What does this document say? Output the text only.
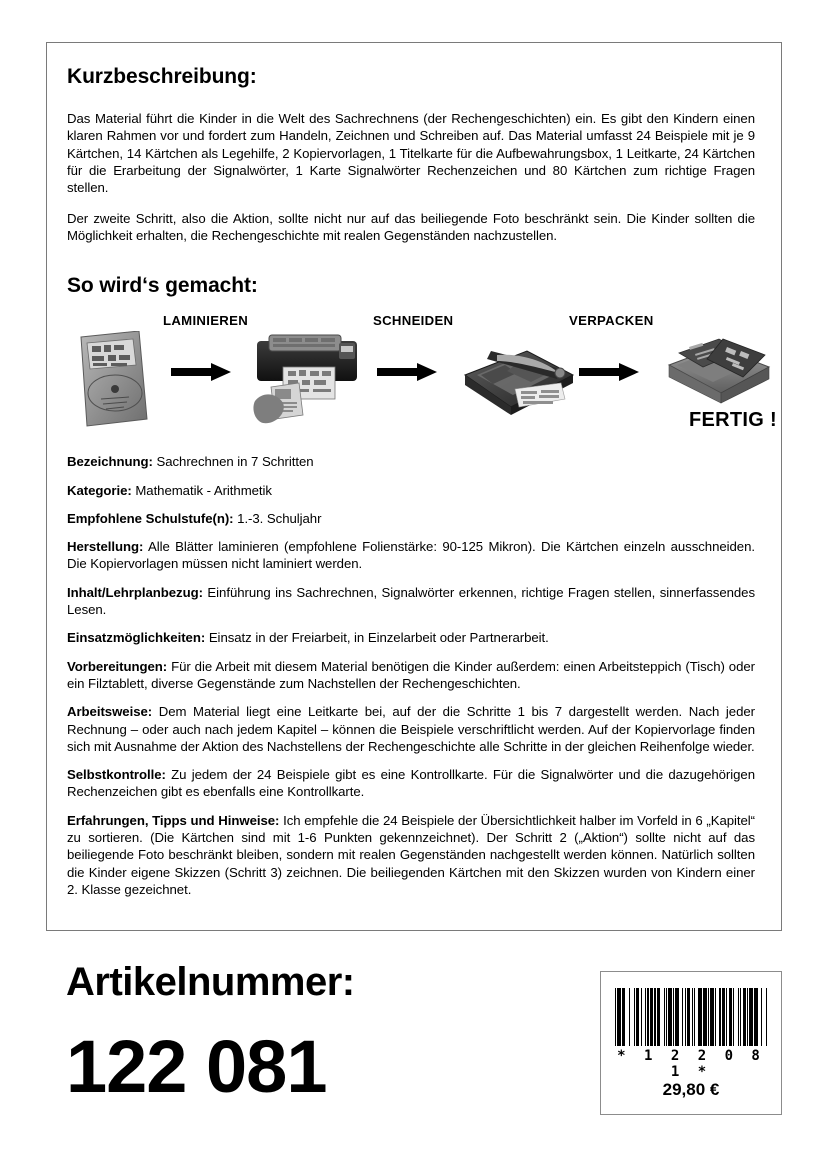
Kurzbeschreibung:

Das Material führt die Kinder in die Welt des Sachrechnens (der Rechengeschichten) ein. Es gibt den Kindern einen klaren Rahmen vor und fordert zum Handeln, Zeichnen und Schreiben auf. Das Material umfasst 24 Beispiele mit je 9 Kärtchen, 14 Kärtchen als Legehilfe, 2 Kopiervorlagen, 1 Titelkarte für die Aufbewahrungsbox, 1 Leitkarte, 24 Kärtchen für die Erarbeitung der Signalwörter, 1 Karte Signalwörter Rechenzeichen und 80 Kärtchen zum richtige Fragen stellen.

Der zweite Schritt, also die Aktion, sollte nicht nur auf das beiliegende Foto beschränkt sein. Die Kinder sollten die Möglichkeit erhalten, die Rechengeschichte mit realen Gegenständen nachzustellen.

So wird‘s gemacht:
LAMINIEREN	SCHNEIDEN	VERPACKEN
FERTIG !
Bezeichnung: Sachrechnen in 7 Schritten
Kategorie: Mathematik - Arithmetik
Empfohlene Schulstufe(n): 1.-3. Schuljahr
Herstellung: Alle Blätter laminieren (empfohlene Folienstärke: 90-125 Mikron). Die Kärtchen einzeln ausschneiden. Die Kopiervorlagen müssen nicht laminiert werden.
Inhalt/Lehrplanbezug: Einführung ins Sachrechnen, Signalwörter erkennen, richtige Fragen stellen, sinnerfassendes Lesen.
Einsatzmöglichkeiten: Einsatz in der Freiarbeit, in Einzelarbeit oder Partnerarbeit.
Vorbereitungen: Für die Arbeit mit diesem Material benötigen die Kinder außerdem: einen Arbeitsteppich (Tisch) oder ein Filztablett, diverse Gegenstände zum Nachstellen der Rechengeschichten.
Arbeitsweise: Dem Material liegt eine Leitkarte bei, auf der die Schritte 1 bis 7 dargestellt werden. Nach jeder Rechnung – oder auch nach jedem Kapitel – können die Beispiele verschriftlicht werden. Auf der Kopiervorlage finden sich mit Ausnahme der Aktion des Nachstellens der Rechengeschichte alle Schritte in der gleichen Reihenfolge wieder.
Selbstkontrolle: Zu jedem der 24 Beispiele gibt es eine Kontrollkarte. Für die Signalwörter und die dazugehörigen Rechenzeichen gibt es ebenfalls eine Kontrollkarte.
Erfahrungen, Tipps und Hinweise: Ich empfehle die 24 Beispiele der Übersichtlichkeit halber im Vorfeld in 6 „Kapitel“ zu sortieren. (Die Kärtchen sind mit 1-6 Punkten gekennzeichnet). Der Schritt 2 („Aktion“) sollte nicht auf das beiliegende Foto beschränkt bleiben, sondern mit realen Gegenständen nachgestellt werden können. Natürlich sollten die Kinder eigene Skizzen (Schritt 3) zeichnen. Die beiliegenden Kärtchen mit den Skizzen wurden von Kindern einer 2. Klasse gezeichnet.
Artikelnummer:
122 081	* 1 2 2 0 8 1 *
29,80 €
